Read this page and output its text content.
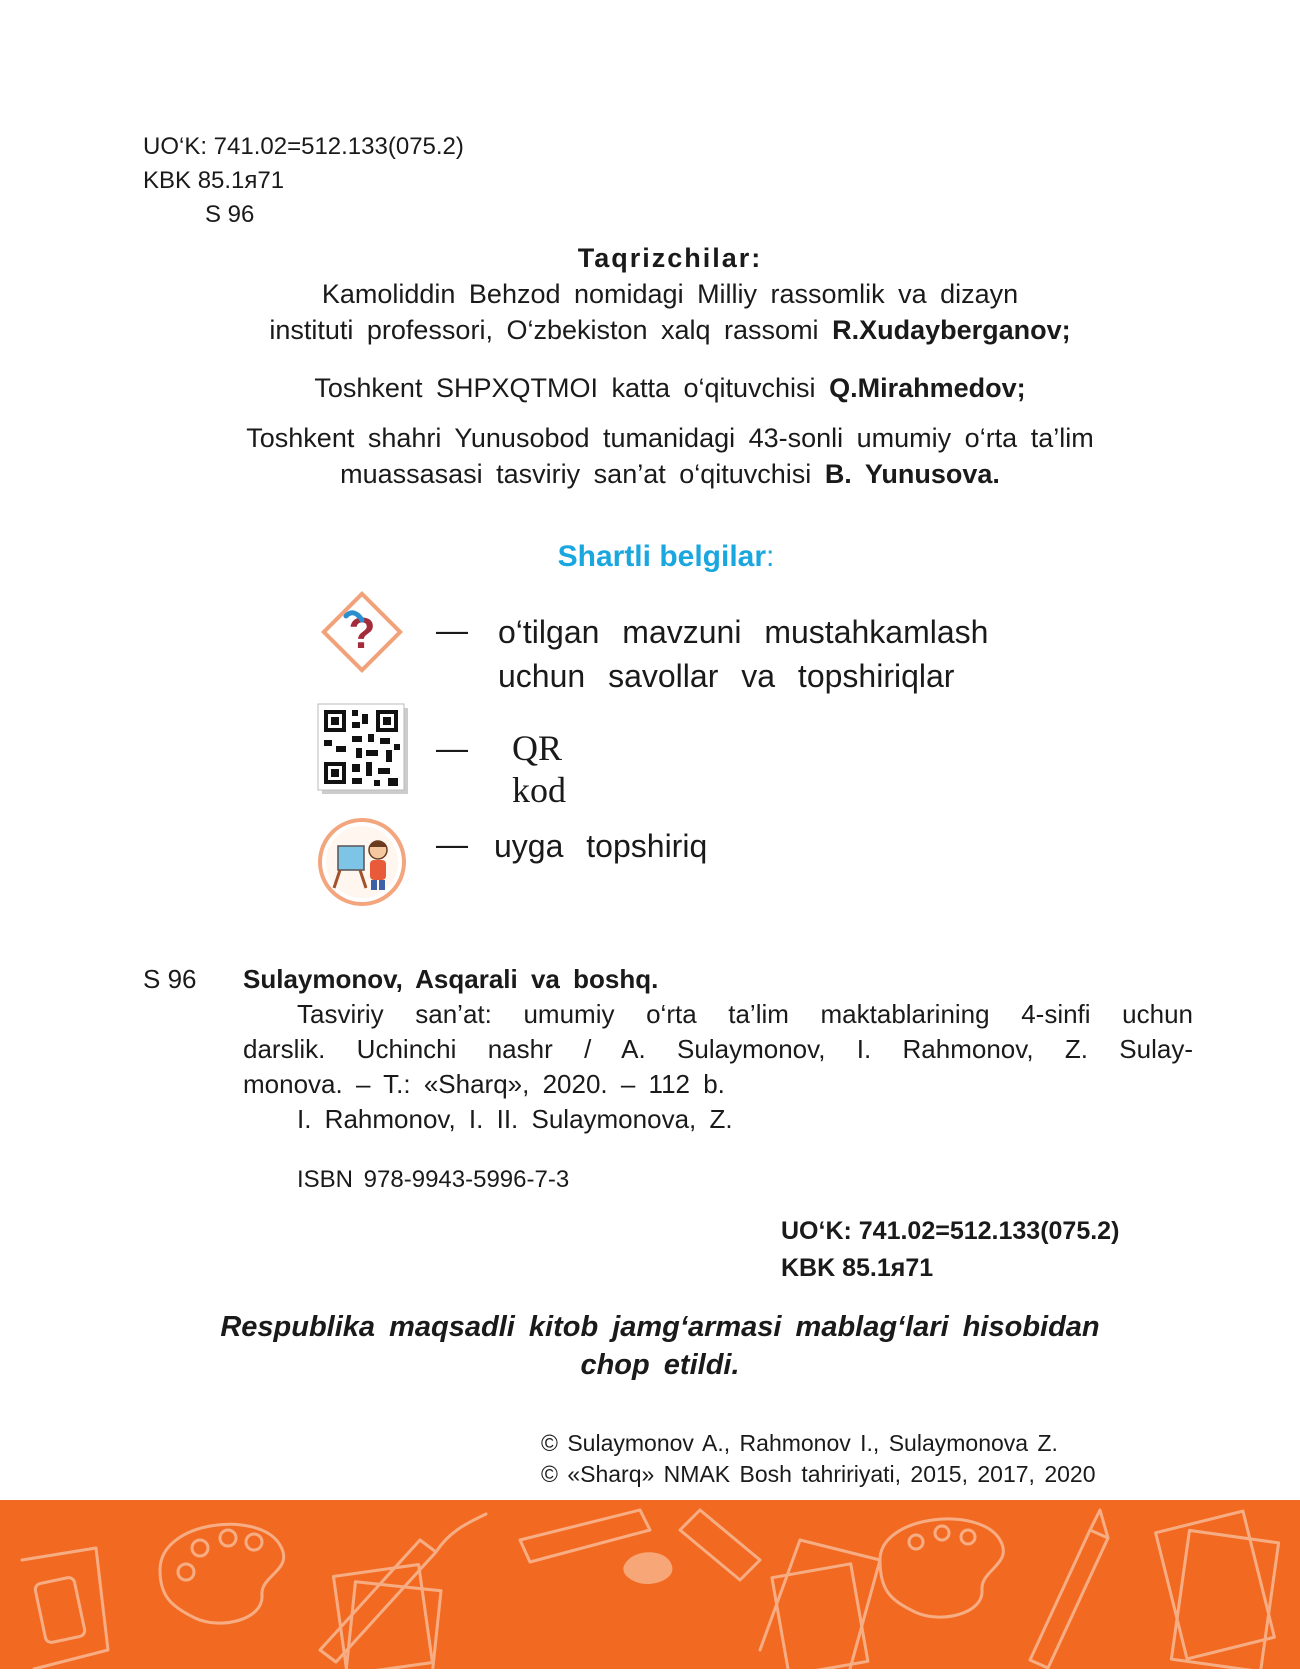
UO‘K: 741.02=512.133(075.2)
KBK 85.1я71
S 96
Taqrizchilar:
Kamoliddin Behzod nomidagi Milliy rassomlik va dizayn
instituti professori, O‘zbekiston xalq rassomi R.Xudayberganov;
Toshkent SHPXQTMOI katta o‘qituvchisi Q.Mirahmedov;
Toshkent shahri Yunusobod tumanidagi 43-sonli umumiy o‘rta ta’lim
muassasasi tasviriy san’at o‘qituvchisi B. Yunusova.
Shartli belgilar:
? — o‘tilgan mavzuni mustahkamlash
uchun savollar va topshiriqlar
— QR kod
— uyga topshiriq
S 96 Sulaymonov, Asqarali va boshq.
Tasviriy san’at: umumiy o‘rta ta’lim maktablarining 4-sinfi uchun
darslik. Uchinchi nashr / A. Sulaymonov, I. Rahmonov, Z. Sulay-
monova. – T.: «Sharq», 2020. – 112 b.
I. Rahmonov, I. II. Sulaymonova, Z.
ISBN 978-9943-5996-7-3
UO‘K: 741.02=512.133(075.2)
KBK 85.1я71
Respublika maqsadli kitob jamg‘armasi mablag‘lari hisobidan
chop etildi.
© Sulaymonov A., Rahmonov I., Sulaymonova Z.
© «Sharq» NMAK Bosh tahririyati, 2015, 2017, 2020
